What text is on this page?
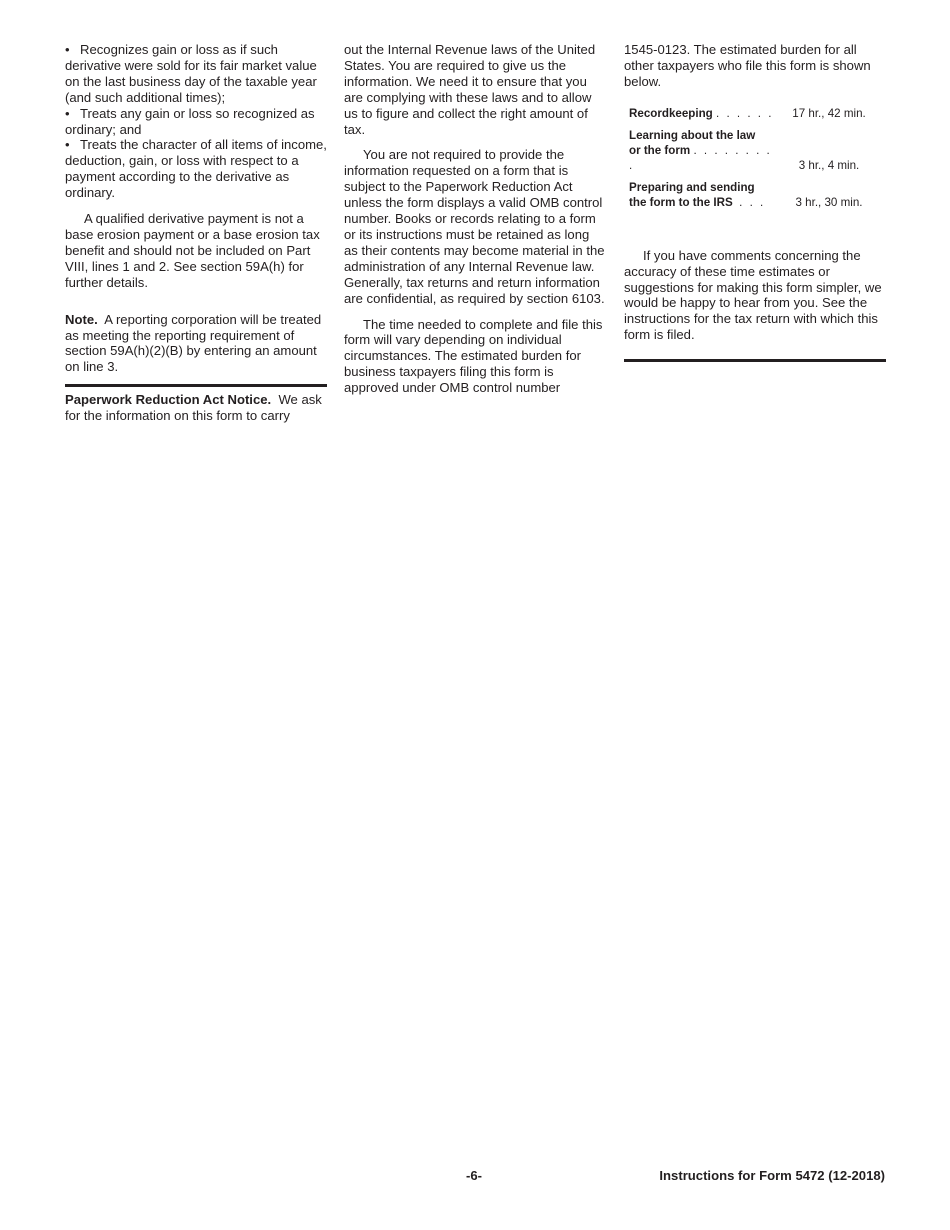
• Recognizes gain or loss as if such derivative were sold for its fair market value on the last business day of the taxable year (and such additional times);

• Treats any gain or loss so recognized as ordinary; and

• Treats the character of all items of income, deduction, gain, or loss with respect to a payment according to the derivative as ordinary.

A qualified derivative payment is not a base erosion payment or a base erosion tax benefit and should not be included on Part VIII, lines 1 and 2. See section 59A(h) for further details.

Note. A reporting corporation will be treated as meeting the reporting requirement of section 59A(h)(2)(B) by entering an amount on line 3.

Paperwork Reduction Act Notice. We ask for the information on this form to carry

out the Internal Revenue laws of the United States. You are required to give us the information. We need it to ensure that you are complying with these laws and to allow us to figure and collect the right amount of tax.

You are not required to provide the information requested on a form that is subject to the Paperwork Reduction Act unless the form displays a valid OMB control number. Books or records relating to a form or its instructions must be retained as long as their contents may become material in the administration of any Internal Revenue law. Generally, tax returns and return information are confidential, as required by section 6103.

The time needed to complete and file this form will vary depending on individual circumstances. The estimated burden for business taxpayers filing this form is approved under OMB control number

1545-0123. The estimated burden for all other taxpayers who file this form is shown below.

Recordkeeping . . . . . .	17 hr., 42 min.
Learning about the law
or the form . . . . . . . . .	3 hr., 4 min.
Preparing and sending
the form to the IRS . . .	3 hr., 30 min.

If you have comments concerning the accuracy of these time estimates or suggestions for making this form simpler, we would be happy to hear from you. See the instructions for the tax return with which this form is filed.

-6-	Instructions for Form 5472 (12-2018)
